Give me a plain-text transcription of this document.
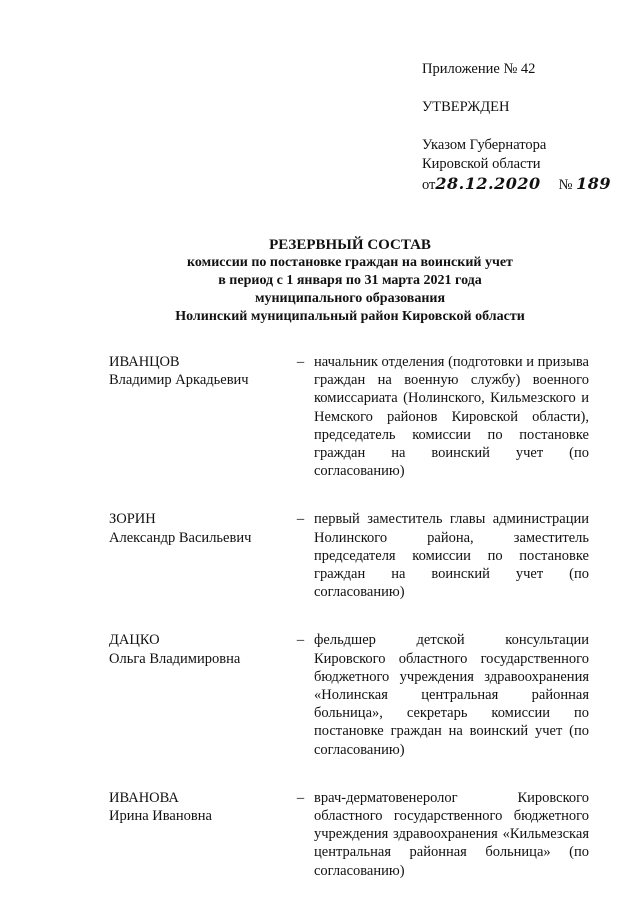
Приложение № 42
УТВЕРЖДЕН
Указом Губернатора
Кировской области
от28.12.2020 № 189
РЕЗЕРВНЫЙ СОСТАВ
комиссии по постановке граждан на воинский учет
в период с 1 января по 31 марта 2021 года
муниципального образования
Нолинский муниципальный район Кировской области
ИВАНЦОВ
Владимир Аркадьевич
– начальник отделения (подготовки и призыва граждан на военную службу) военного комиссариата (Нолинского, Кильмезского и Немского районов Кировской области), председатель комиссии по постановке граждан на воинский учет (по согласованию)
ЗОРИН
Александр Васильевич
– первый заместитель главы администрации Нолинского района, заместитель председателя комиссии по постановке граждан на воинский учет (по согласованию)
ДАЦКО
Ольга Владимировна
– фельдшер детской консультации Кировского областного государственного бюджетного учреждения здравоохранения «Нолинская центральная районная больница», секретарь комиссии по постановке граждан на воинский учет (по согласованию)
ИВАНОВА
Ирина Ивановна
– врач-дерматовенеролог Кировского областного государственного бюджетного учреждения здравоохранения «Кильмезская центральная районная больница» (по согласованию)
